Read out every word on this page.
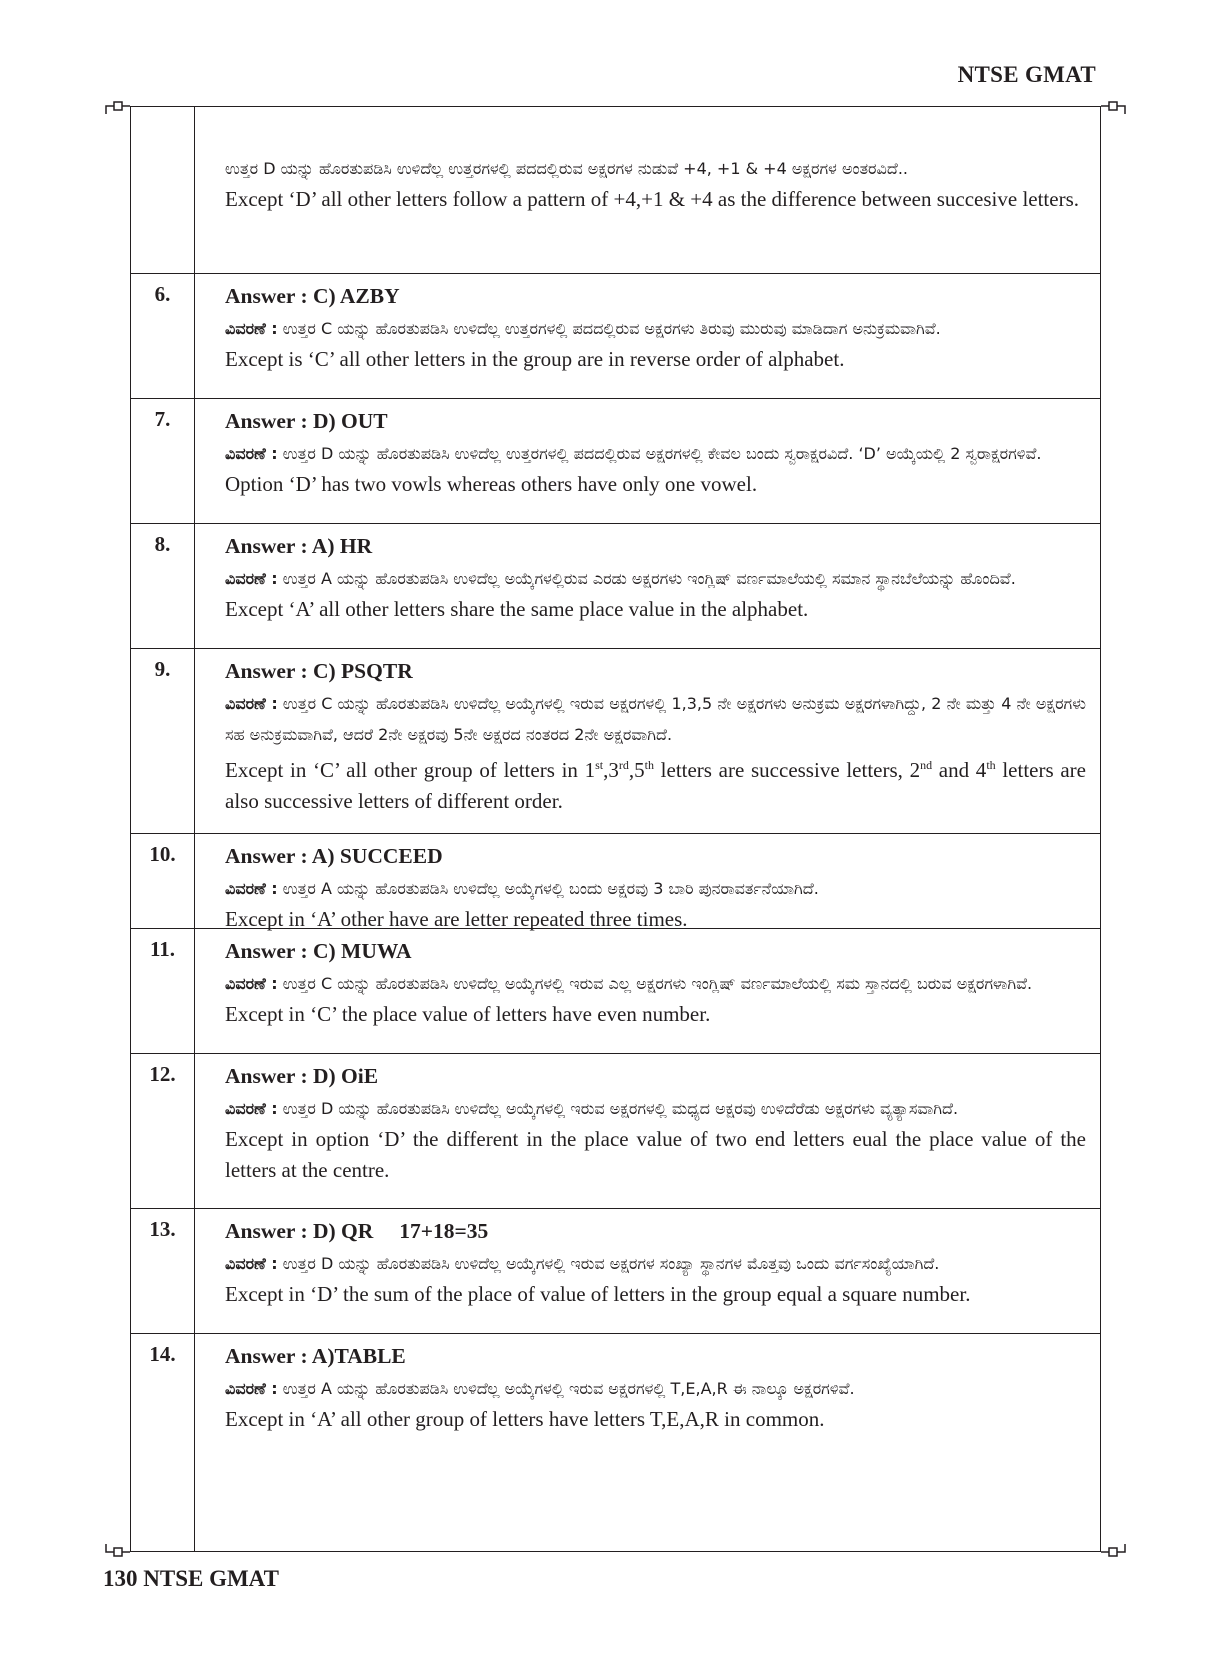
NTSE GMAT
ಉತ್ತರ D ಯನ್ನು ಹೊರತುಪಡಿಸಿ ಉಳಿದೆಲ್ಲ ಉತ್ತರಗಳಲ್ಲಿ ಪದದಲ್ಲಿರುವ ಅಕ್ಷರಗಳ ನುಡುವೆ +4, +1 & +4 ಅಕ್ಷರಗಳ ಅಂತರವಿದೆ..
Except ‘D’ all other letters follow a pattern of +4,+1 & +4 as the difference between succesive letters.
6.	Answer : C) AZBY
ವಿವರಣೆ : ಉತ್ತರ C ಯನ್ನು ಹೊರತುಪಡಿಸಿ ಉಳಿದೆಲ್ಲ ಉತ್ತರಗಳಲ್ಲಿ ಪದದಲ್ಲಿರುವ ಅಕ್ಷರಗಳು ತಿರುವು ಮುರುವು ಮಾಡಿದಾಗ ಅನುಕ್ರಮವಾಗಿವೆ.
Except is ‘C’ all other letters in the group are in reverse order of alphabet.
7.	Answer : D) OUT
ವಿವರಣೆ : ಉತ್ತರ D ಯನ್ನು ಹೊರತುಪಡಿಸಿ ಉಳಿದೆಲ್ಲ ಉತ್ತರಗಳಲ್ಲಿ ಪದದಲ್ಲಿರುವ ಅಕ್ಷರಗಳಲ್ಲಿ ಕೇವಲ ಬಂದು ಸ್ವರಾಕ್ಷರವಿದೆ. ‘D’ ಅಯ್ಕೆಯಲ್ಲಿ 2 ಸ್ವರಾಕ್ಷರಗಳಿವೆ.
Option ‘D’ has two vowls whereas others have only one vowel.
8.	Answer : A) HR
ವಿವರಣೆ : ಉತ್ತರ A ಯನ್ನು ಹೊರತುಪಡಿಸಿ ಉಳಿದೆಲ್ಲ ಅಯ್ಕೆಗಳಲ್ಲಿರುವ ಎರಡು ಅಕ್ಷರಗಳು ಇಂಗ್ಲಿಷ್ ವರ್ಣಮಾಲೆಯಲ್ಲಿ ಸಮಾನ ಸ್ಥಾನಬೆಲೆಯನ್ನು ಹೊಂದಿವೆ.
Except ‘A’ all other letters share the same place value in the alphabet.
9.	Answer : C) PSQTR
ವಿವರಣೆ : ಉತ್ತರ C ಯನ್ನು ಹೊರತುಪಡಿಸಿ ಉಳಿದೆಲ್ಲ ಅಯ್ಕೆಗಳಲ್ಲಿ ಇರುವ ಅಕ್ಷರಗಳಲ್ಲಿ 1,3,5 ನೇ ಅಕ್ಷರಗಳು ಅನುಕ್ರಮ ಅಕ್ಷರಗಳಾಗಿದ್ದು, 2 ನೇ ಮತ್ತು 4 ನೇ ಅಕ್ಷರಗಳು ಸಹ ಅನುಕ್ರಮವಾಗಿವೆ, ಆದರೆ 2ನೇ ಅಕ್ಷರವು 5ನೇ ಅಕ್ಷರದ ನಂತರದ 2ನೇ ಅಕ್ಷರವಾಗಿದೆ.
Except in ‘C’ all other group of letters in 1st,3rd,5th letters are successive letters, 2nd and 4th letters are also successive letters of different order.
10.	Answer : A) SUCCEED
ವಿವರಣೆ : ಉತ್ತರ A ಯನ್ನು ಹೊರತುಪಡಿಸಿ ಉಳಿದೆಲ್ಲ ಅಯ್ಕೆಗಳಲ್ಲಿ ಬಂದು ಅಕ್ಷರವು 3 ಬಾರಿ ಪುನರಾವರ್ತನೆಯಾಗಿದೆ.
Except in ‘A’ other have are letter repeated three times.
11.	Answer : C) MUWA
ವಿವರಣೆ : ಉತ್ತರ C ಯನ್ನು ಹೊರತುಪಡಿಸಿ ಉಳಿದೆಲ್ಲ ಅಯ್ಕೆಗಳಲ್ಲಿ ಇರುವ ಎಲ್ಲ ಅಕ್ಷರಗಳು ಇಂಗ್ಲಿಷ್ ವರ್ಣಮಾಲೆಯಲ್ಲಿ ಸಮ ಸ್ತಾನದಲ್ಲಿ ಬರುವ ಅಕ್ಷರಗಳಾಗಿವೆ.
Except in ‘C’ the place value of letters have even number.
12.	Answer : D) OiE
ವಿವರಣೆ : ಉತ್ತರ D ಯನ್ನು ಹೊರತುಪಡಿಸಿ ಉಳಿದೆಲ್ಲ ಅಯ್ಕೆಗಳಲ್ಲಿ ಇರುವ ಅಕ್ಷರಗಳಲ್ಲಿ ಮಧ್ಯದ ಅಕ್ಷರವು ಉಳಿದೆರೆಡು ಅಕ್ಷರಗಳು ವ್ಯತ್ಯಾಸವಾಗಿದೆ.
Except in option ‘D’ the different in the place value of two end letters eual the place value of the letters at the centre.
13.	Answer : D) QR 17+18=35
ವಿವರಣೆ : ಉತ್ತರ D ಯನ್ನು ಹೊರತುಪಡಿಸಿ ಉಳಿದೆಲ್ಲ ಅಯ್ಕೆಗಳಲ್ಲಿ ಇರುವ ಅಕ್ಷರಗಳ ಸಂಖ್ಯಾ ಸ್ಥಾನಗಳ ಮೊತ್ತವು ಒಂದು ವರ್ಗಸಂಖ್ಯೆಯಾಗಿದೆ.
Except in ‘D’ the sum of the place of value of letters in the group equal a square number.
14.	Answer : A)TABLE
ವಿವರಣೆ : ಉತ್ತರ A ಯನ್ನು ಹೊರತುಪಡಿಸಿ ಉಳಿದೆಲ್ಲ ಅಯ್ಕೆಗಳಲ್ಲಿ ಇರುವ ಅಕ್ಷರಗಳಲ್ಲಿ T,E,A,R ಈ ನಾಲ್ಕೂ ಅಕ್ಷರಗಳಿವೆ.
Except in ‘A’ all other group of letters have letters T,E,A,R in common.
130 NTSE GMAT
